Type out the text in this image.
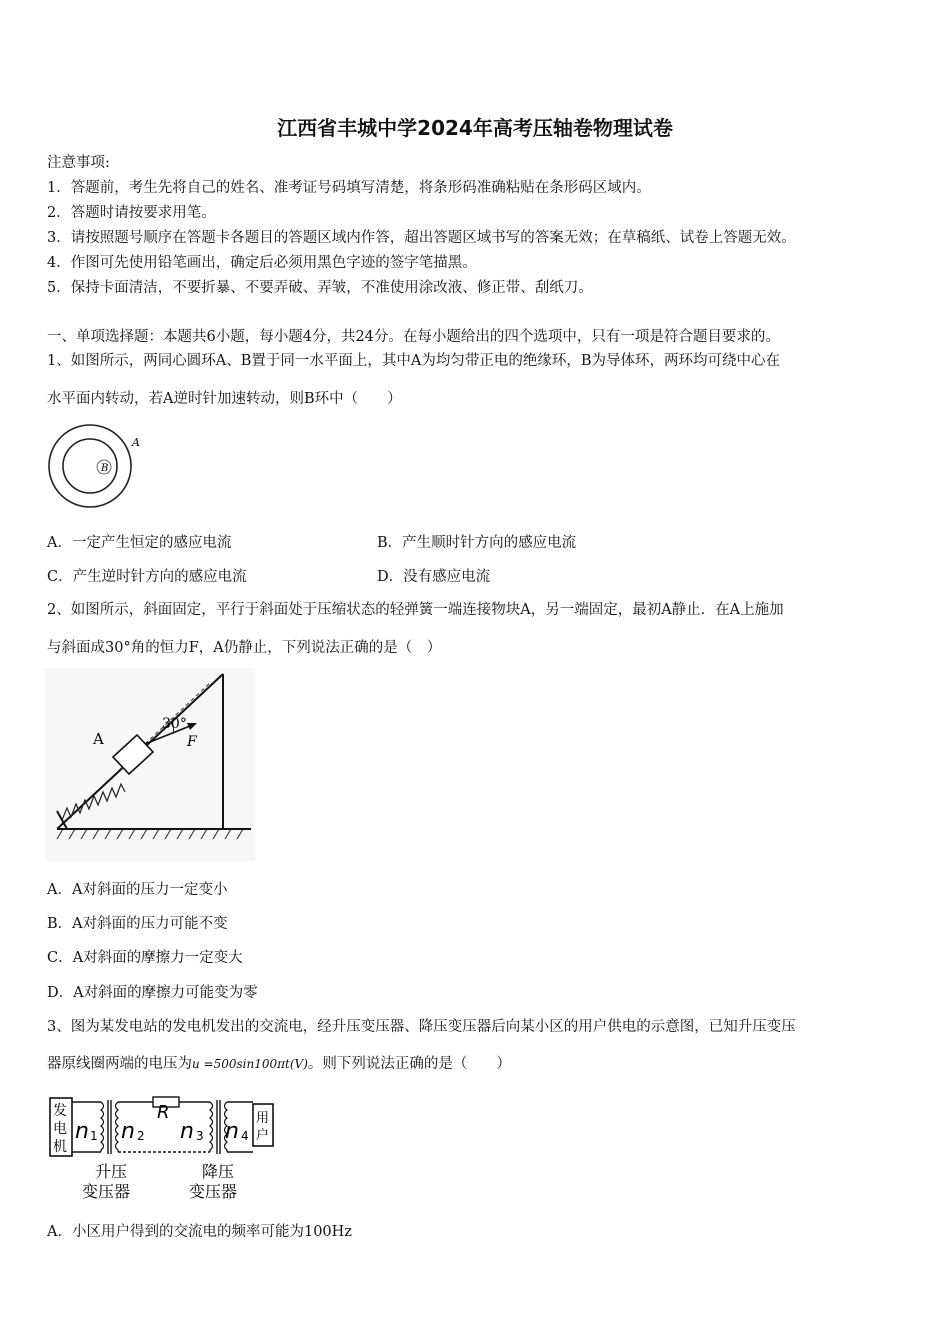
江西省丰城中学2024年高考压轴卷物理试卷
注意事项:
1．答题前，考生先将自己的姓名、准考证号码填写清楚，将条形码准确粘贴在条形码区域内。
2．答题时请按要求用笔。
3．请按照题号顺序在答题卡各题目的答题区域内作答，超出答题区域书写的答案无效；在草稿纸、试卷上答题无效。
4．作图可先使用铅笔画出，确定后必须用黑色字迹的签字笔描黑。
5．保持卡面清洁，不要折暴、不要弄破、弄皱，不准使用涂改液、修正带、刮纸刀。
一、单项选择题：本题共6小题，每小题4分，共24分。在每小题给出的四个选项中，只有一项是符合题目要求的。
1、如图所示，两同心圆环A、B置于同一水平面上，其中A为均匀带正电的绝缘环，B为导体环，两环均可绕中心在
水平面内转动，若A逆时针加速转动，则B环中（　　）
A
B
A．一定产生恒定的感应电流	B．产生顺时针方向的感应电流
C．产生逆时针方向的感应电流	D．没有感应电流
2、如图所示，斜面固定，平行于斜面处于压缩状态的轻弹簧一端连接物块A，另一端固定，最初A静止．在A上施加
与斜面成30°角的恒力F，A仍静止，下列说法正确的是（　）
A
30°
F
A．A对斜面的压力一定变小
B．A对斜面的压力可能不变
C．A对斜面的摩擦力一定变大
D．A对斜面的摩擦力可能变为零
3、图为某发电站的发电机发出的交流电，经升压变压器、降压变压器后向某小区的用户供电的示意图，已知升压变压
器原线圈两端的电压为u =500sin100πt(V)。则下列说法正确的是（　　）
发
电
机
用
户
n 1 n 2
R
n 3 n 4
升压
变压器
降压
变压器
A．小区用户得到的交流电的频率可能为100Hz
